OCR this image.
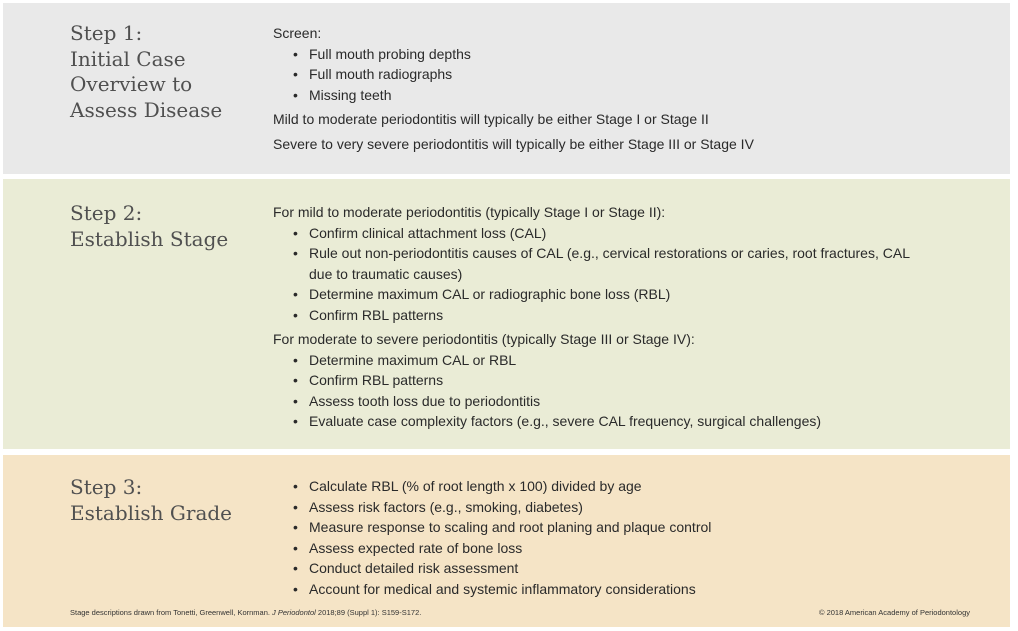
Step 1:
Initial Case
Overview to
Assess Disease

Screen:

• Full mouth probing depths
• Full mouth radiographs
• Missing teeth

Mild to moderate periodontitis will typically be either Stage I or Stage II

Severe to very severe periodontitis will typically be either Stage III or Stage IV

Step 2:
Establish Stage

For mild to moderate periodontitis (typically Stage I or Stage II):

• Confirm clinical attachment loss (CAL)
• Rule out non-periodontitis causes of CAL (e.g., cervical restorations or caries, root fractures, CAL due to traumatic causes)
• Determine maximum CAL or radiographic bone loss (RBL)
• Confirm RBL patterns

For moderate to severe periodontitis (typically Stage III or Stage IV):

• Determine maximum CAL or RBL
• Confirm RBL patterns
• Assess tooth loss due to periodontitis
• Evaluate case complexity factors (e.g., severe CAL frequency, surgical challenges)
Step 3:
Establish Grade
• Calculate RBL (% of root length x 100) divided by age
• Assess risk factors (e.g., smoking, diabetes)
• Measure response to scaling and root planing and plaque control
• Assess expected rate of bone loss
• Conduct detailed risk assessment
• Account for medical and systemic inflammatory considerations
Stage descriptions drawn from Tonetti, Greenwell, Kornman. J Periodontol 2018;89 (Suppl 1): S159-S172.	© 2018 American Academy of Periodontology
